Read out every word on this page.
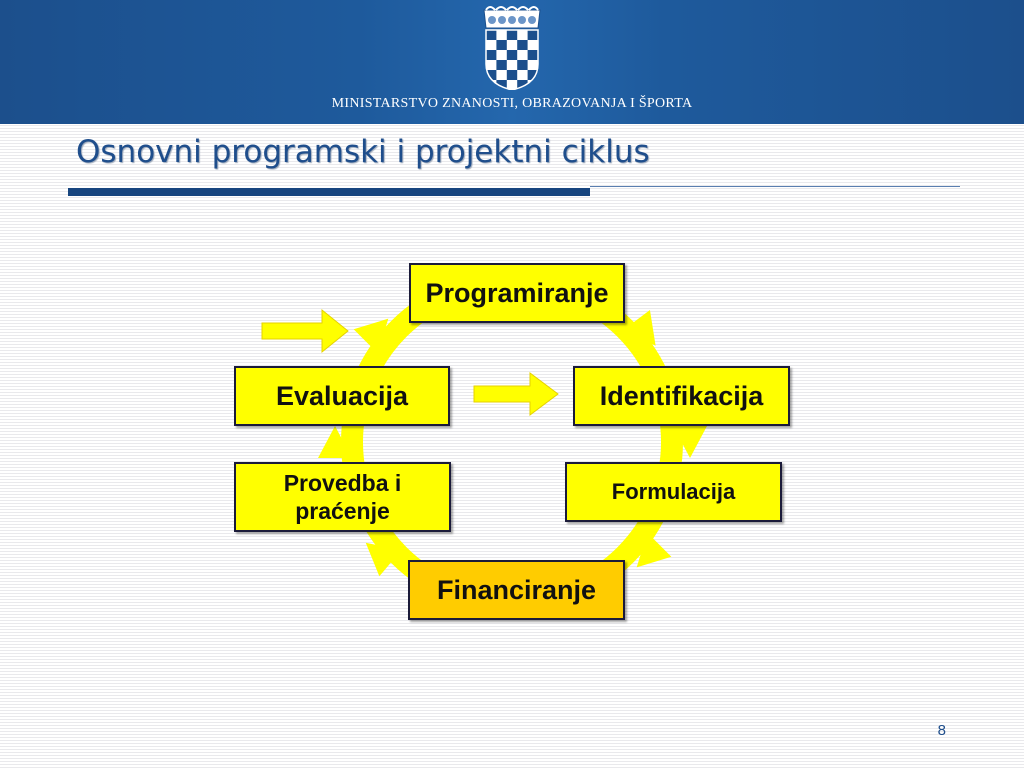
MINISTARSTVO ZNANOSTI, OBRAZOVANJA I ŠPORTA
Osnovni programski i projektni ciklus
Programiranje
Identifikacija
Formulacija
Financiranje
Provedba i praćenje
Evaluacija
8
